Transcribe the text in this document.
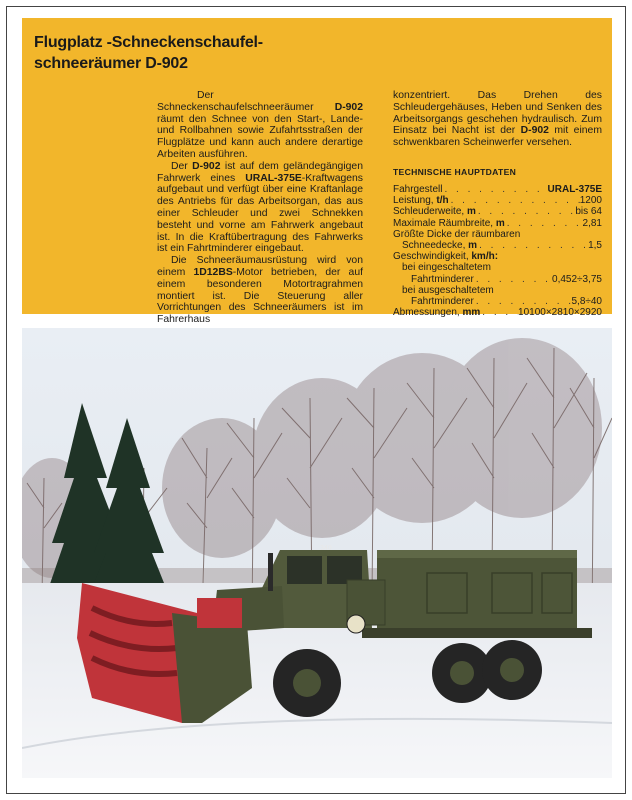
Flugplatz -Schneckenschaufel-
schneeräumer D-902

Der Schneckenschaufelschneeräumer D-902 räumt den Schnee von den Start-, Lande- und Rollbahnen sowie Zufahrtsstraßen der Flugplätze und kann auch andere derartige Arbeiten ausführen.

Der D-902 ist auf dem geländegängigen Fahrwerk eines URAL-375E-Kraftwagens aufgebaut und verfügt über eine Kraftanlage des Antriebs für das Arbeitsorgan, das aus einer Schleuder und zwei Schnekken besteht und vorne am Fahrwerk angebaut ist. In die Kraftübertragung des Fahrwerks ist ein Fahrtminderer eingebaut.

Die Schneeräumausrüstung wird von einem 1D12BS-Motor betrieben, der auf einem besonderen Motortragrahmen montiert ist. Die Steuerung aller Vorrichtungen des Schneeräumers ist im Fahrerhaus

konzentriert. Das Drehen des Schleudergehäuses, Heben und Senken des Arbeitsorgangs geschehen hydraulisch. Zum Einsatz bei Nacht ist der D-902 mit einem schwenkbaren Scheinwerfer versehen.

TECHNISCHE HAUPTDATEN
Fahrgestell . . .	URAL-375E
Leistung, t/h . . .	1200
Schleuderweite, m . . .	bis 64
Maximale Räumbreite, m . . .	2,81
Größte Dicke der räumbaren
Schneedecke, m . . .	1,5
Geschwindigkeit, km/h:
bei eingeschaltetem
Fahrtminderer . . .	0,452÷3,75
bei ausgeschaltetem
Fahrtminderer . . .	5,8÷40
Abmessungen, mm . . .	10100×2810×2920
340
